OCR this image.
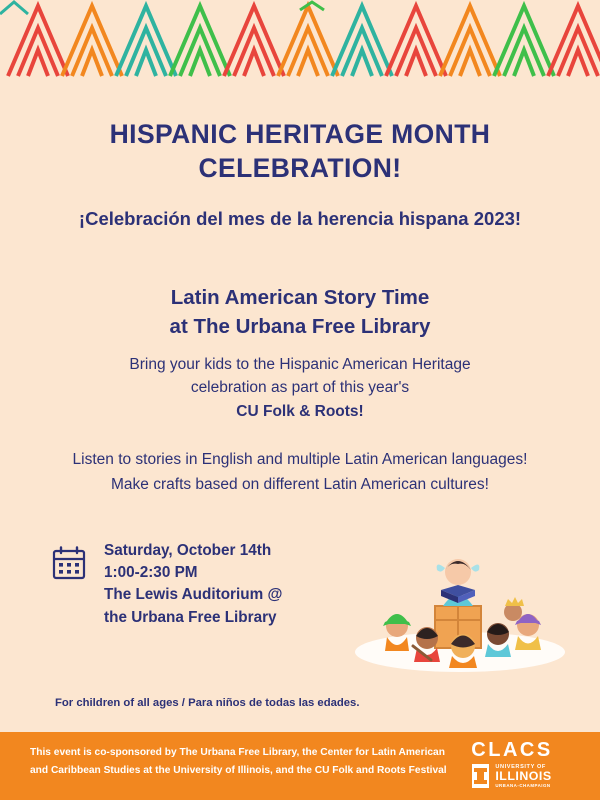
HISPANIC HERITAGE MONTH
CELEBRATION!
¡Celebración del mes de la herencia hispana 2023!
Latin American Story Time
at The Urbana Free Library
Bring your kids to the Hispanic American Heritage
celebration as part of this year's
CU Folk & Roots!
Listen to stories in English and multiple Latin American languages!
Make crafts based on different Latin American cultures!
Saturday, October 14th
1:00-2:30 PM
The Lewis Auditorium @
the Urbana Free Library
For children of all ages / Para niños de todas las edades.
This event is co-sponsored by The Urbana Free Library, the Center for Latin American
and Caribbean Studies at the University of Illinois, and the CU Folk and Roots Festival
CLACS
UNIVERSITY OF
ILLINOIS
URBANA-CHAMPAIGN
